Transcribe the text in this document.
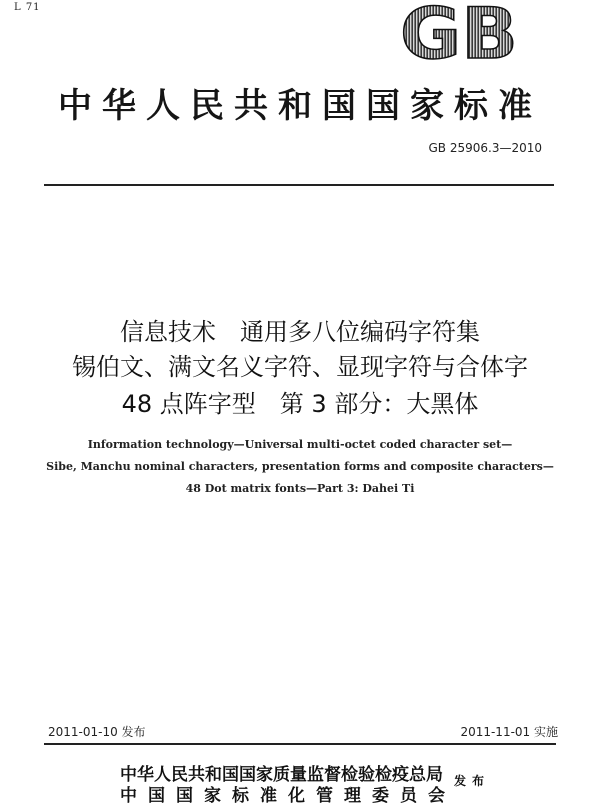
L 71	GB
中华人民共和国国家标准
GB 25906.3—2010
信息技术　通用多八位编码字符集
锡伯文、满文名义字符、显现字符与合体字
48 点阵字型　第 3 部分：大黑体
Information technology—Universal multi-octet coded character set—
Sibe, Manchu nominal characters, presentation forms and composite characters—
48 Dot matrix fonts—Part 3: Dahei Ti
2011-01-10 发布	2011-11-01 实施
中华人民共和国国家质量监督检验检疫总局
中国国家标准化管理委员会
发布
